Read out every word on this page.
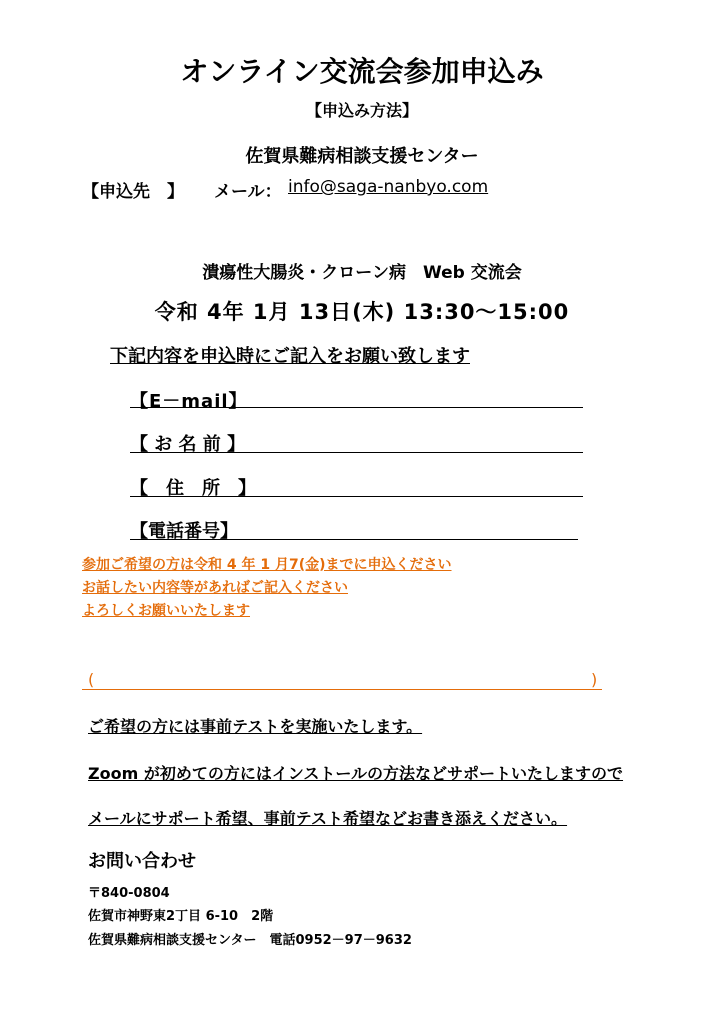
オンライン交流会参加申込み
【申込み方法】
佐賀県難病相談支援センター
【申込先　】 メール： info@saga-nanbyo.com
潰瘍性大腸炎・クローン病　Web 交流会
令和 4年 1月 13日(木) 13:30〜15:00
下記内容を申込時にご記入をお願い致します
【E－mail】
【 お 名 前 】
【　住　所　】
【電話番号】
参加ご希望の方は令和 4 年 1 月7(金)までに申込ください
お話したい内容等があればご記入ください
よろしくお願いいたします
(	)
ご希望の方には事前テストを実施いたします。
Zoom が初めての方にはインストールの方法などサポートいたしますので
メールにサポート希望、事前テスト希望などお書き添えください。
お問い合わせ
〒840-0804
佐賀市神野東2丁目 6-10　2階
佐賀県難病相談支援センター　電話0952－97－9632
